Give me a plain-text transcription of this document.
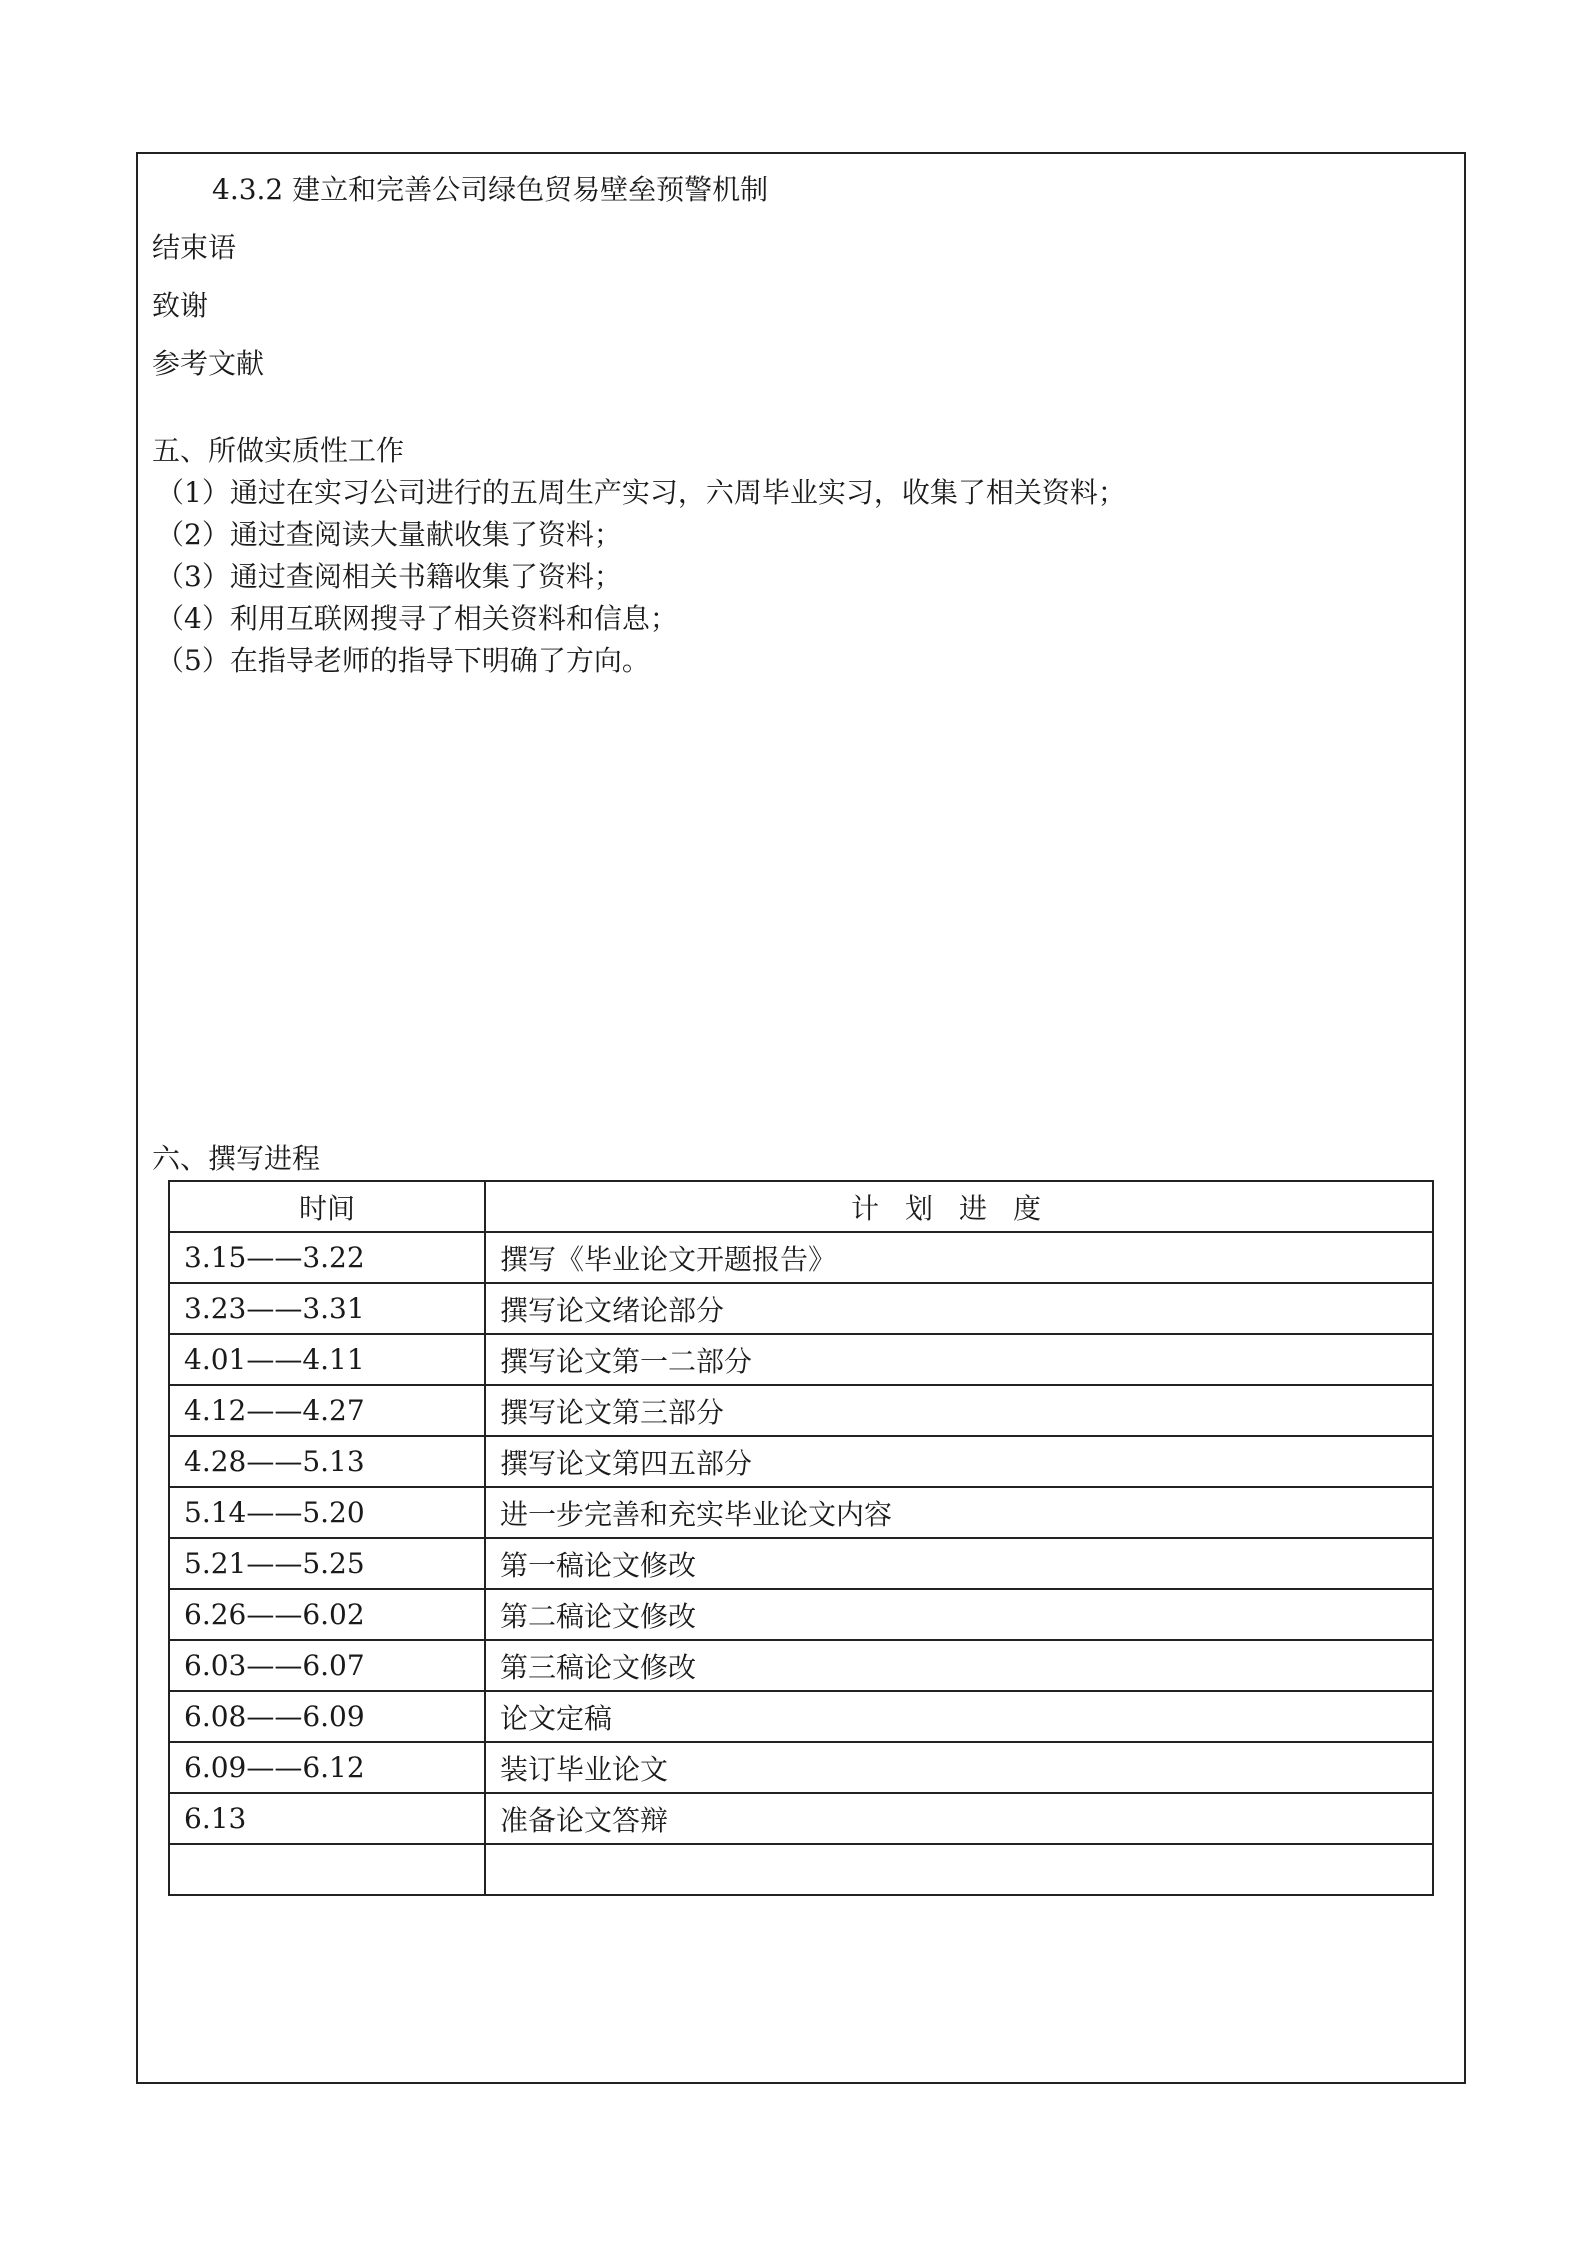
4.3.2 建立和完善公司绿色贸易壁垒预警机制
结束语
致谢
参考文献
五、所做实质性工作
（1）通过在实习公司进行的五周生产实习，六周毕业实习，收集了相关资料；
（2）通过查阅读大量献收集了资料；
（3）通过查阅相关书籍收集了资料；
（4）利用互联网搜寻了相关资料和信息；
（5）在指导老师的指导下明确了方向。
六、撰写进程
时间	计划进度
3.15——3.22	撰写《毕业论文开题报告》
3.23——3.31	撰写论文绪论部分
4.01——4.11	撰写论文第一二部分
4.12——4.27	撰写论文第三部分
4.28——5.13	撰写论文第四五部分
5.14——5.20	进一步完善和充实毕业论文内容
5.21——5.25	第一稿论文修改
6.26——6.02	第二稿论文修改
6.03——6.07	第三稿论文修改
6.08——6.09	论文定稿
6.09——6.12	装订毕业论文
6.13	准备论文答辩
